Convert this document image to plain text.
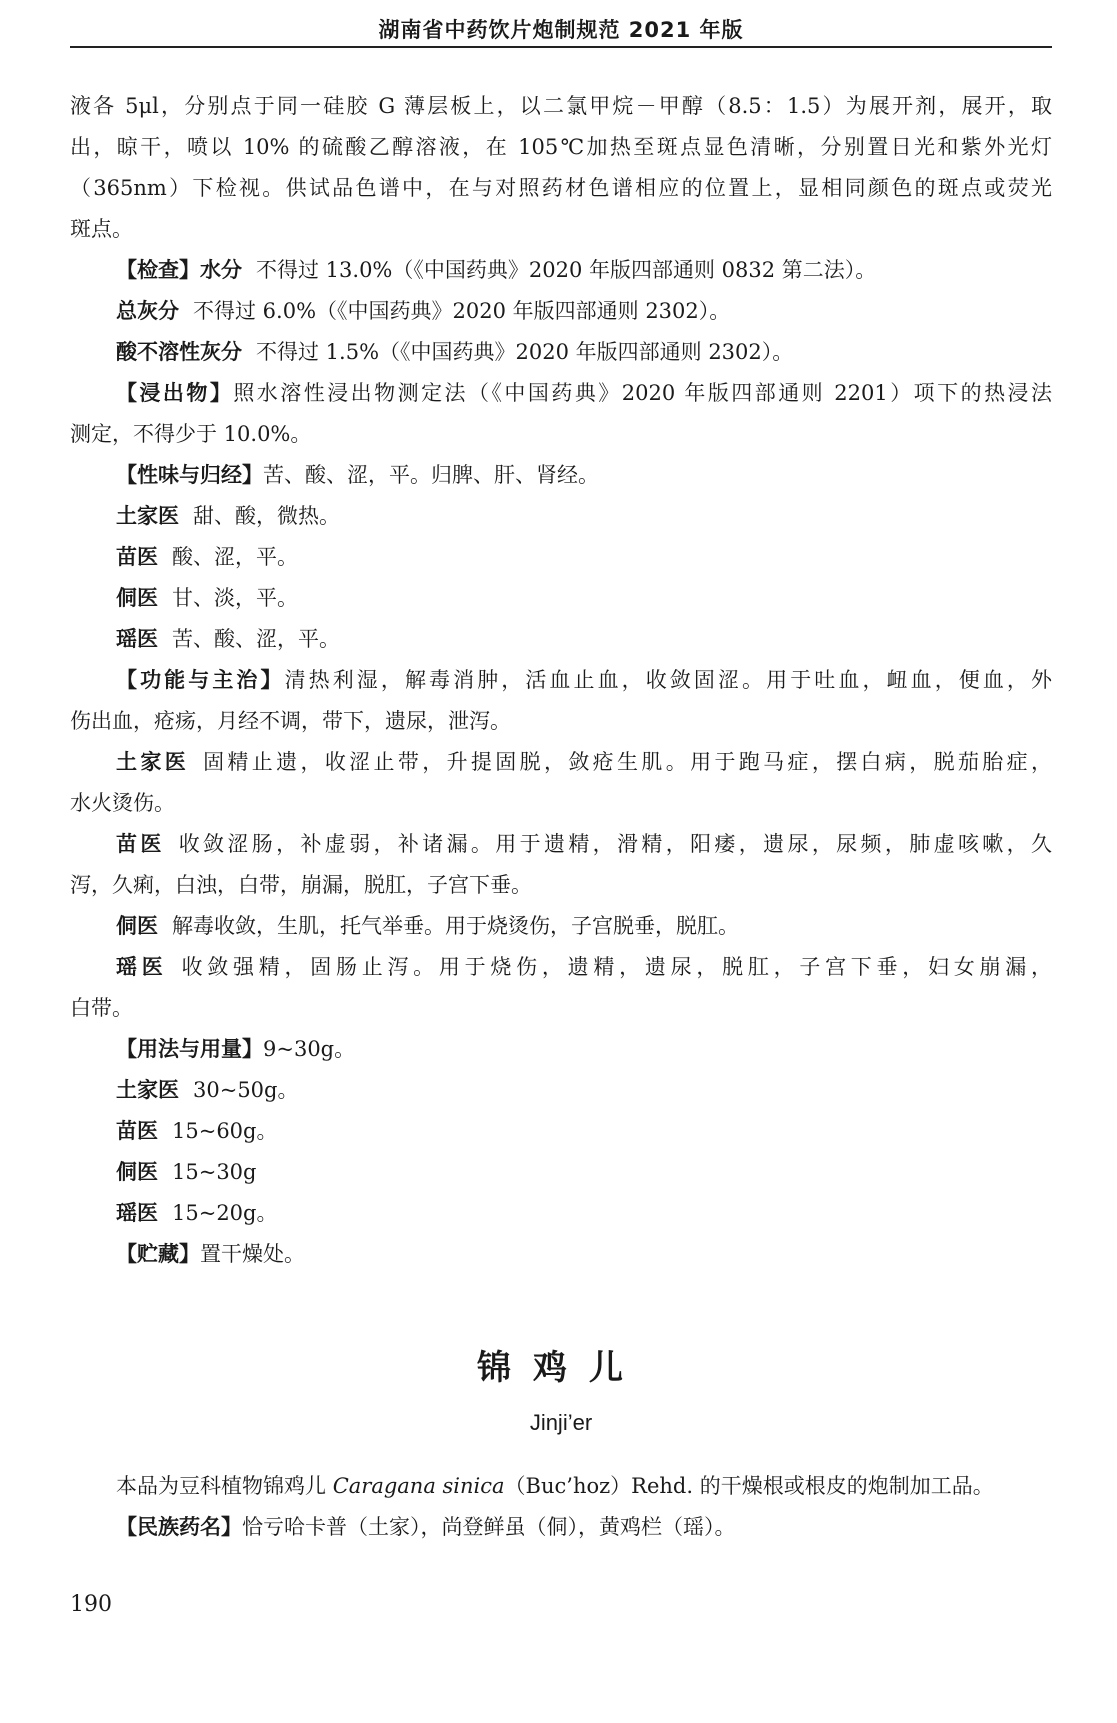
湖南省中药饮片炮制规范 2021 年版
液各 5μl，分别点于同一硅胶 G 薄层板上，以二氯甲烷－甲醇（8.5：1.5）为展开剂，展开，取
出，晾干，喷以 10% 的硫酸乙醇溶液，在 105℃加热至斑点显色清晰，分别置日光和紫外光灯
（365nm）下检视。供试品色谱中，在与对照药材色谱相应的位置上，显相同颜色的斑点或荧光
斑点。
【检查】水分 不得过 13.0%（《中国药典》2020 年版四部通则 0832 第二法）。
总灰分 不得过 6.0%（《中国药典》2020 年版四部通则 2302）。
酸不溶性灰分 不得过 1.5%（《中国药典》2020 年版四部通则 2302）。
【浸出物】照水溶性浸出物测定法（《中国药典》2020 年版四部通则 2201）项下的热浸法
测定，不得少于 10.0%。
【性味与归经】苦、酸、涩，平。归脾、肝、肾经。
土家医 甜、酸，微热。
苗医 酸、涩，平。
侗医 甘、淡，平。
瑶医 苦、酸、涩，平。
【功能与主治】清热利湿，解毒消肿，活血止血，收敛固涩。用于吐血，衄血，便血，外
伤出血，疮疡，月经不调，带下，遗尿，泄泻。
土家医 固精止遗，收涩止带，升提固脱，敛疮生肌。用于跑马症，摆白病，脱茄胎症，
水火烫伤。
苗医 收敛涩肠，补虚弱，补诸漏。用于遗精，滑精，阳痿，遗尿，尿频，肺虚咳嗽，久
泻，久痢，白浊，白带，崩漏，脱肛，子宫下垂。
侗医 解毒收敛，生肌，托气举垂。用于烧烫伤，子宫脱垂，脱肛。
瑶医 收敛强精，固肠止泻。用于烧伤，遗精，遗尿，脱肛，子宫下垂，妇女崩漏，
白带。
【用法与用量】9~30g。
土家医 30~50g。
苗医 15~60g。
侗医 15~30g
瑶医 15~20g。
【贮藏】置干燥处。
锦鸡儿
Jinji’er
本品为豆科植物锦鸡儿 Caragana sinica（Buc’hoz）Rehd. 的干燥根或根皮的炮制加工品。
【民族药名】恰亏哈卡普（土家），尚登鲜虽（侗），黄鸡栏（瑶）。
190
